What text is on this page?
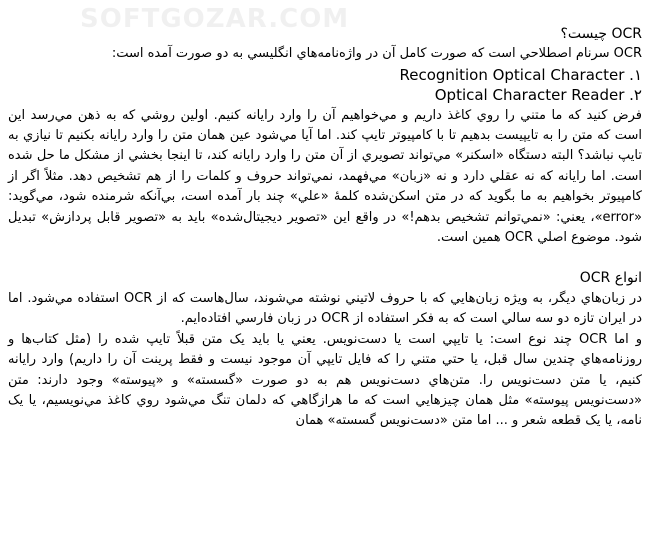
SOFTGOZAR.COM	OCR چیست؟

OCR سرنام اصطلاحي است که صورت کامل آن در واژه‌نامه‌هاي انگليسي به دو صورت آمده است:

Recognition Optical Character .۱

Optical Character Reader .۲

فرض کنید که ما متني را روي کاغذ داريم و مي‌خواهيم آن را وارد رايانه کنيم. اولين روشي که به ذهن مي‌رسد اين است که متن را به تايپيست بدهيم تا با کامپيوتر تايپ کند. اما آيا مي‌شود عين همان متن را وارد رايانه بکنيم تا نيازي به تايپ نباشد؟ البته دستگاه «اسکنر» مي‌تواند تصويري از آن متن را وارد رايانه کند، تا اينجا بخشي از مشکل ما حل شده است. اما رايانه که نه عقلي دارد و نه «زبان» مي‌فهمد، نمي‌تواند حروف و کلمات را از هم تشخيص دهد. مثلاً اگر از کامپيوتر بخواهيم به ما بگويد که در متن اسکن‌شده کلمهٔ «علي» چند بار آمده است، بي‌آنکه شرمنده شود، مي‌گويد: «error»، يعني: «نمي‌توانم تشخيص بدهم!» در واقع اين «تصوير ديجيتال‌شده» بايد به «تصوير قابل پردازش» تبديل شود. موضوع اصلي OCR همين است.

انواع OCR

در زبان‌هاي ديگر، به ويژه زبان‌هايي که با حروف لاتيني نوشته مي‌شوند، سال‌هاست که از OCR استفاده مي‌شود. اما در ايران تازه دو سه سالي است که به فکر استفاده از OCR در زبان فارسي افتاده‌ايم.

و اما OCR چند نوع است: يا تايپي است يا دست‌نويس. يعني يا بايد يک متن قبلاً تايپ شده را (مثل کتاب‌ها و روزنامه‌هاي چندين سال قبل، يا حتي متني را که فايل تايپي آن موجود نيست و فقط پرينت آن را داريم) وارد رايانه کنيم، يا متن دست‌نويس را. متن‌هاي دست‌نويس هم به دو صورت «گسسته» و «پيوسته» وجود دارند: متن «دست‌نويس پيوسته» مثل همان چيزهايي است که ما هرازگاهي که دلمان تنگ مي‌شود روي کاغذ مي‌نويسيم، يا يک نامه، يا يک قطعه شعر و ... اما متن «دست‌نويس گسسته» همان
